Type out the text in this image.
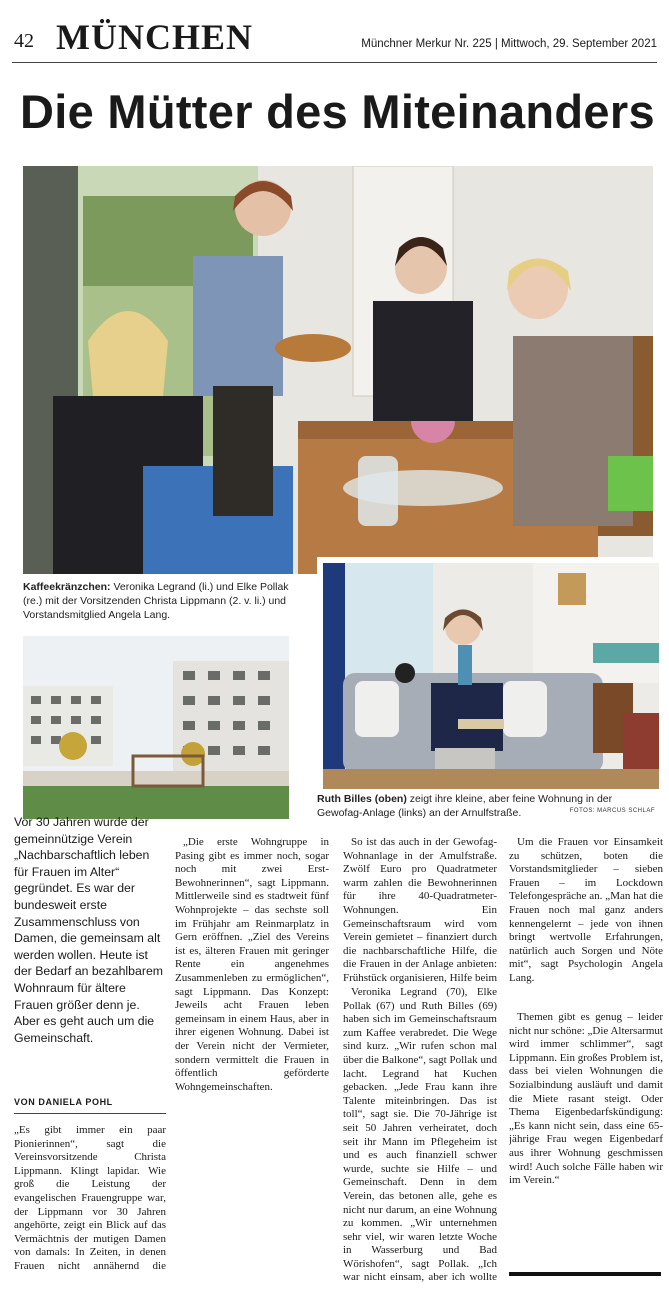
42 MÜNCHEN	Münchner Merkur Nr. 225 | Mittwoch, 29. September 2021
Die Mütter des Miteinanders
Kaffeekränzchen: Veronika Legrand (li.) und Elke Pollak (re.) mit der Vorsitzenden Christa Lippmann (2. v. li.) und Vorstandsmitglied Angela Lang.
Ruth Billes (oben) zeigt ihre kleine, aber feine Wohnung in der Gewofag-Anlage (links) an der Arnulfstraße.	FOTOS: MARCUS SCHLAF
Vor 30 Jahren wurde der gemeinnützige Verein „Nachbarschaftlich leben für Frauen im Alter“ gegründet. Es war der bundesweit erste Zusammenschluss von Damen, die gemeinsam alt werden wollen. Heute ist der Bedarf an bezahlbarem Wohnraum für ältere Frauen größer denn je. Aber es geht auch um die Gemeinschaft.
VON DANIELA POHL

„Es gibt immer ein paar Pionierinnen“, sagt die Vereinsvorsitzende Christa Lippmann. Klingt lapidar. Wie groß die Leistung der evangelischen Frauengruppe war, der Lippmann vor 30 Jahren angehörte, zeigt ein Blick auf das Vermächtnis der mutigen Damen von damals: In Zeiten, in denen Frauen nicht annähernd die

„Die erste Wohngruppe in Pasing gibt es immer noch, sogar noch mit zwei Erst-Bewohnerinnen“, sagt Lippmann. Mittlerweile sind es stadtweit fünf Wohnprojekte – das sechste soll im Frühjahr am Reinmarplatz in Gern eröffnen. „Ziel des Vereins ist es, älteren Frauen mit geringer Rente ein angenehmes Zusammenleben zu ermöglichen“, sagt Lippmann. Das Konzept: Jeweils acht Frauen leben gemeinsam in einem Haus, aber in ihrer eigenen Wohnung. Dabei ist der Verein nicht der Vermieter, sondern vermittelt die Frauen in öffentlich geförderte Wohngemeinschaften.

So ist das auch in der Gewofag-Wohnanlage in der Amulfstraße. Zwölf Euro pro Quadratmeter warm zahlen die Bewohnerinnen für ihre 40-Quadratmeter-Wohnungen. Ein Gemeinschaftsraum wird vom Verein gemietet – finanziert durch die nachbarschaftliche Hilfe, die die Frauen in der Anlage anbieten: Frühstück organisieren, Hilfe beim

Veronika Legrand (70), Elke Pollak (67) und Ruth Billes (69) haben sich im Gemeinschaftsraum zum Kaffee verabredet. Die Wege sind kurz. „Wir rufen schon mal über die Balkone“, sagt Pollak und lacht. Legrand hat Kuchen gebacken. „Jede Frau kann ihre Talente miteinbringen. Das ist toll“, sagt sie. Die 70-Jährige ist seit 50 Jahren verheiratet, doch seit ihr Mann im Pflegeheim ist und es auch finanziell schwer wurde, suchte sie Hilfe – und Gemeinschaft. Denn in dem Verein, das betonen alle, gehe es nicht nur darum, an eine Wohnung zu kommen. „Wir unternehmen sehr viel, wir waren letzte Woche in Wasserburg und Bad Wörishofen“, sagt Pollak. „Ich war nicht einsam, aber ich wollte

Um die Frauen vor Einsamkeit zu schützen, boten die Vorstandsmitglieder – sieben Frauen – im Lockdown Telefongespräche an. „Man hat die Frauen noch mal ganz anders kennengelernt – jede von ihnen bringt wertvolle Erfahrungen, natürlich auch Sorgen und Nöte mit“, sagt Psychologin Angela Lang.

Themen gibt es genug – leider nicht nur schöne: „Die Altersarmut wird immer schlimmer“, sagt Lippmann. Ein großes Problem ist, dass bei vielen Wohnungen die Sozialbindung ausläuft und damit die Miete rasant steigt. Oder Thema Eigenbedarfskündigung: „Es kann nicht sein, dass eine 65-jährige Frau wegen Eigenbedarf aus ihrer Wohnung geschmissen wird! Auch solche Fälle haben wir im Verein.“
